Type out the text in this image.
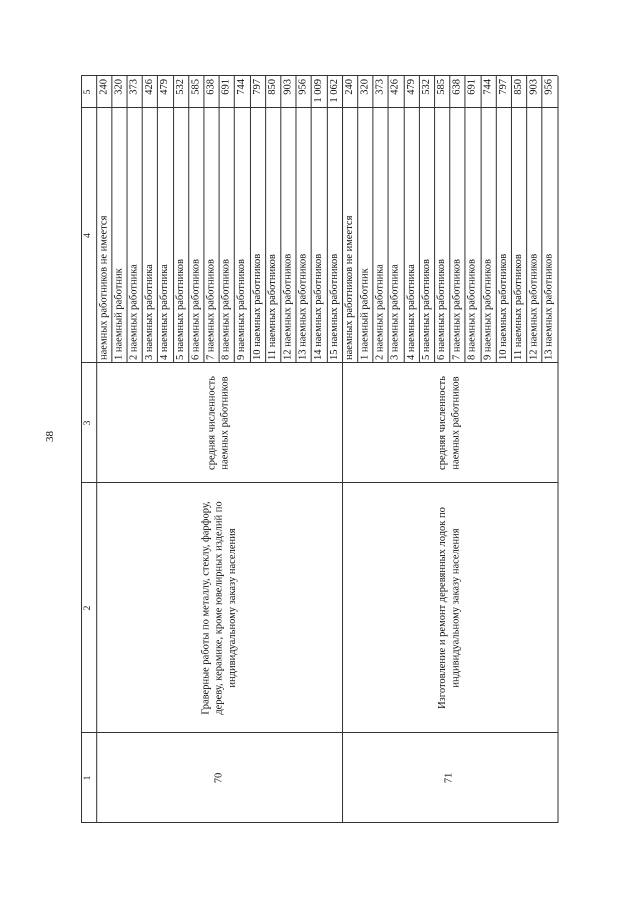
38
1
2
3
4
5
наемных работников не имеется
240
1 наемный работник
320
2 наемных работника
373
3 наемных работника
426
4 наемных работника
479
5 наемных работников
532
6 наемных работников
585
7 наемных работников
638
8 наемных работников
691
9 наемных работников
744
10 наемных работников
797
11 наемных работников
850
12 наемных работников
903
13 наемных работников
956
14 наемных работников
1 009
15 наемных работников
1 062
70
Граверные работы по металлу, стеклу, фарфору, дереву, керамике, кроме ювелирных изделий по индивидуальному заказу населения
средняя численность наемных работников
наемных работников не имеется
240
1 наемный работник
320
2 наемных работника
373
3 наемных работника
426
4 наемных работника
479
5 наемных работников
532
6 наемных работников
585
7 наемных работников
638
8 наемных работников
691
9 наемных работников
744
10 наемных работников
797
11 наемных работников
850
12 наемных работников
903
13 наемных работников
956
71
Изготовление и ремонт деревянных лодок по индивидуальному заказу населения
средняя численность наемных работников
